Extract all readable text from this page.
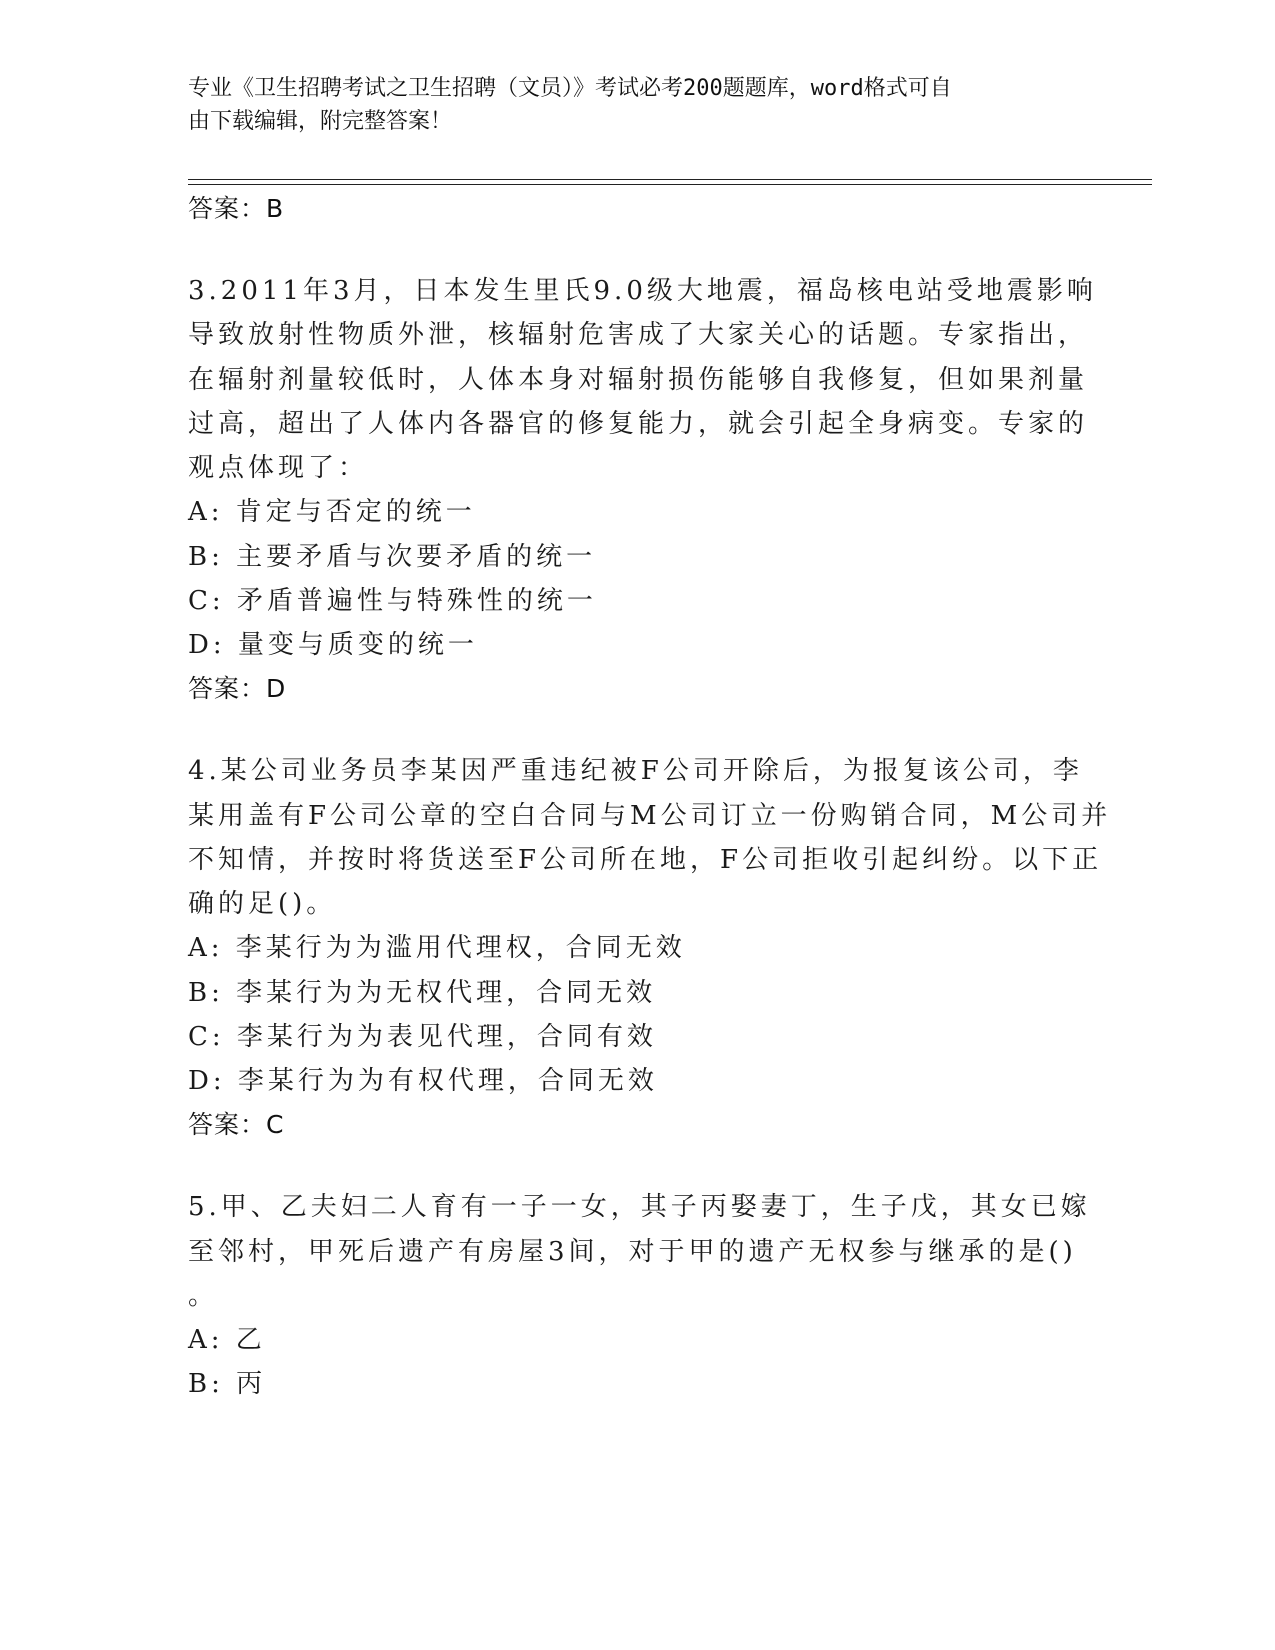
专业《卫生招聘考试之卫生招聘（文员）》考试必考200题题库，word格式可自
由下载编辑，附完整答案！
答案：B
3.2011年3月，日本发生里氏9.0级大地震，福岛核电站受地震影响
导致放射性物质外泄，核辐射危害成了大家关心的话题。专家指出，
在辐射剂量较低时，人体本身对辐射损伤能够自我修复，但如果剂量
过高，超出了人体内各器官的修复能力，就会引起全身病变。专家的
观点体现了：
A: 肯定与否定的统一
B: 主要矛盾与次要矛盾的统一
C: 矛盾普遍性与特殊性的统一
D: 量变与质变的统一
答案：D
4.某公司业务员李某因严重违纪被F公司开除后，为报复该公司，李
某用盖有F公司公章的空白合同与M公司订立一份购销合同，M公司并
不知情，并按时将货送至F公司所在地，F公司拒收引起纠纷。以下正
确的足()。
A: 李某行为为滥用代理权，合同无效
B: 李某行为为无权代理，合同无效
C: 李某行为为表见代理，合同有效
D: 李某行为为有权代理，合同无效
答案：C
5.甲、乙夫妇二人育有一子一女，其子丙娶妻丁，生子戊，其女已嫁
至邻村，甲死后遗产有房屋3间，对于甲的遗产无权参与继承的是()
。
A: 乙
B: 丙
